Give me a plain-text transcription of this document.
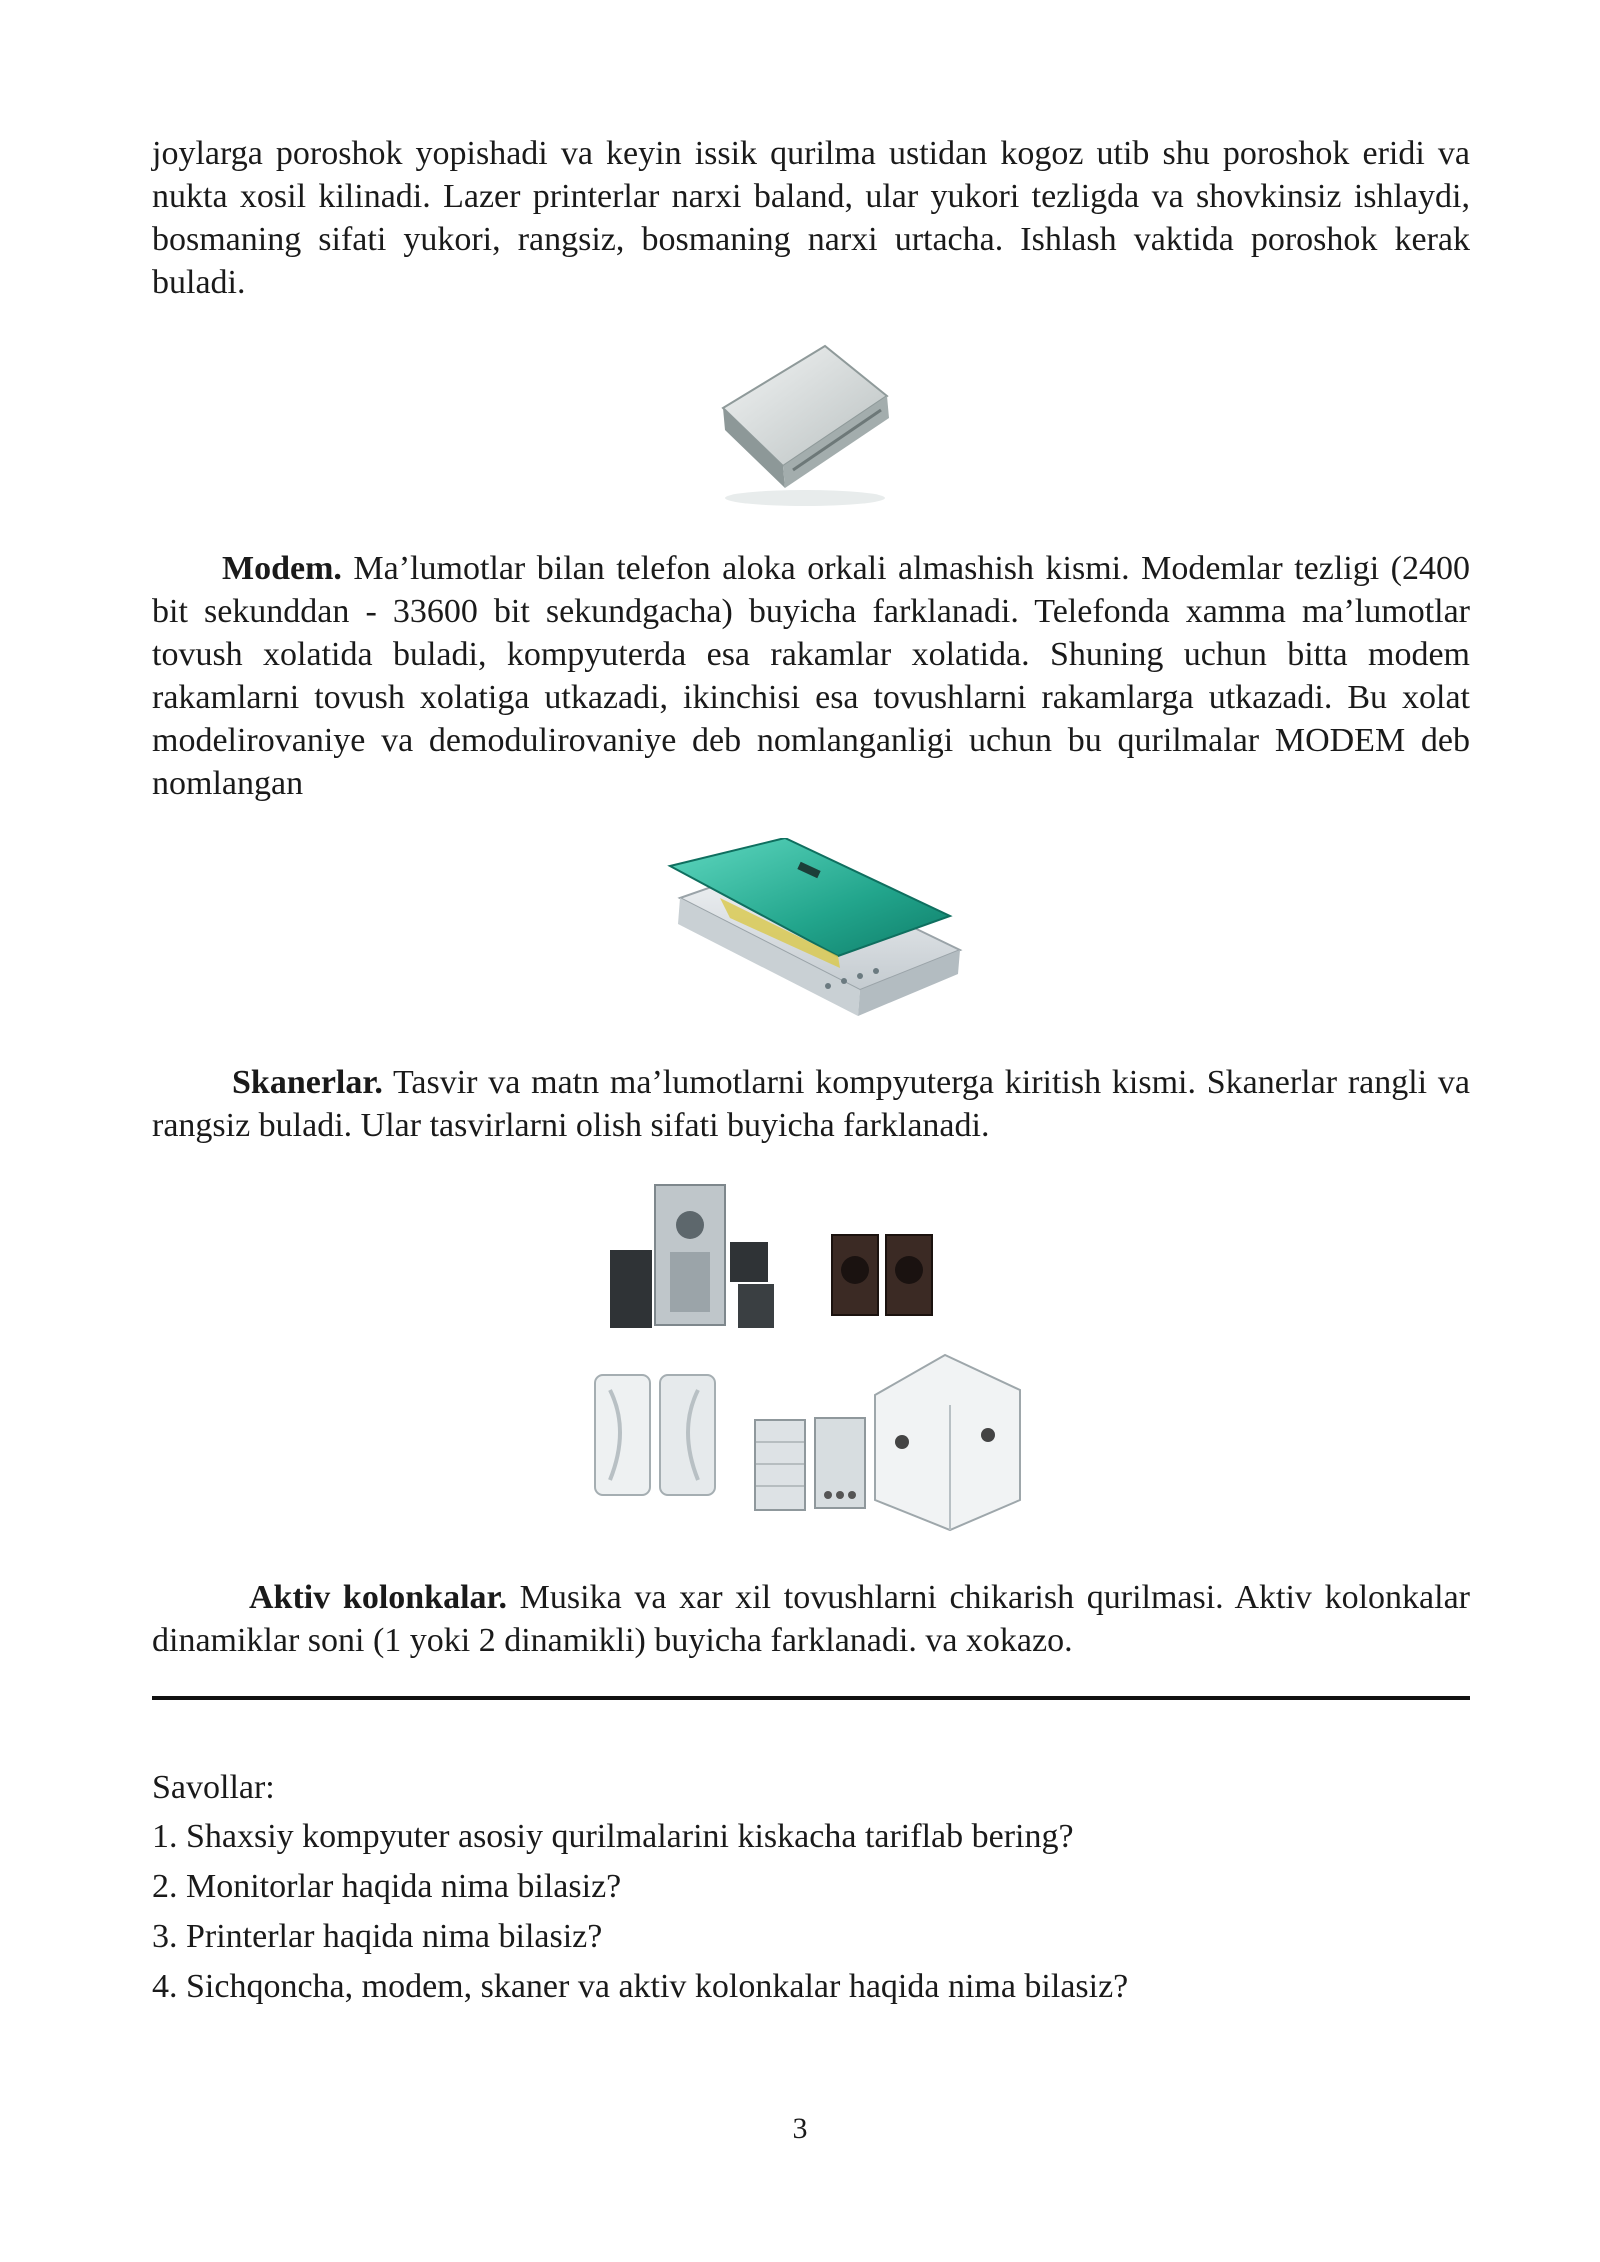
joylarga poroshok yopishadi va keyin issik qurilma ustidan kogoz utib shu poroshok eridi va nukta xosil kilinadi. Lazer printerlar narxi baland, ular yukori tezligda va shovkinsiz ishlaydi, bosmaning sifati yukori, rangsiz, bosmaning narxi urtacha. Ishlash vaktida poroshok kerak buladi.

Modem. Ma’lumotlar bilan telefon aloka orkali almashish kismi. Modemlar tezligi (2400 bit sekunddan - 33600 bit sekundgacha) buyicha farklanadi. Telefonda xamma ma’lumotlar tovush xolatida buladi, kompyuterda esa rakamlar xolatida. Shuning uchun bitta modem rakamlarni tovush xolatiga utkazadi, ikinchisi esa tovushlarni rakamlarga utkazadi. Bu xolat modelirovaniye va demodulirovaniye deb nomlanganligi uchun bu qurilmalar MODEM deb nomlangan

Skanerlar. Tasvir va matn ma’lumotlarni kompyuterga kiritish kismi. Skanerlar rangli va rangsiz buladi. Ular tasvirlarni olish sifati buyicha farklanadi.

Aktiv kolonkalar. Musika va xar xil tovushlarni chikarish qurilmasi. Aktiv kolonkalar dinamiklar soni (1 yoki 2 dinamikli) buyicha farklanadi. va xokazo.

Savollar:

1. Shaxsiy kompyuter asosiy qurilmalarini kiskacha tariflab bering?

2. Monitorlar haqida nima bilasiz?

3. Printerlar haqida nima bilasiz?

4. Sichqoncha, modem, skaner va aktiv kolonkalar haqida nima bilasiz?

3
